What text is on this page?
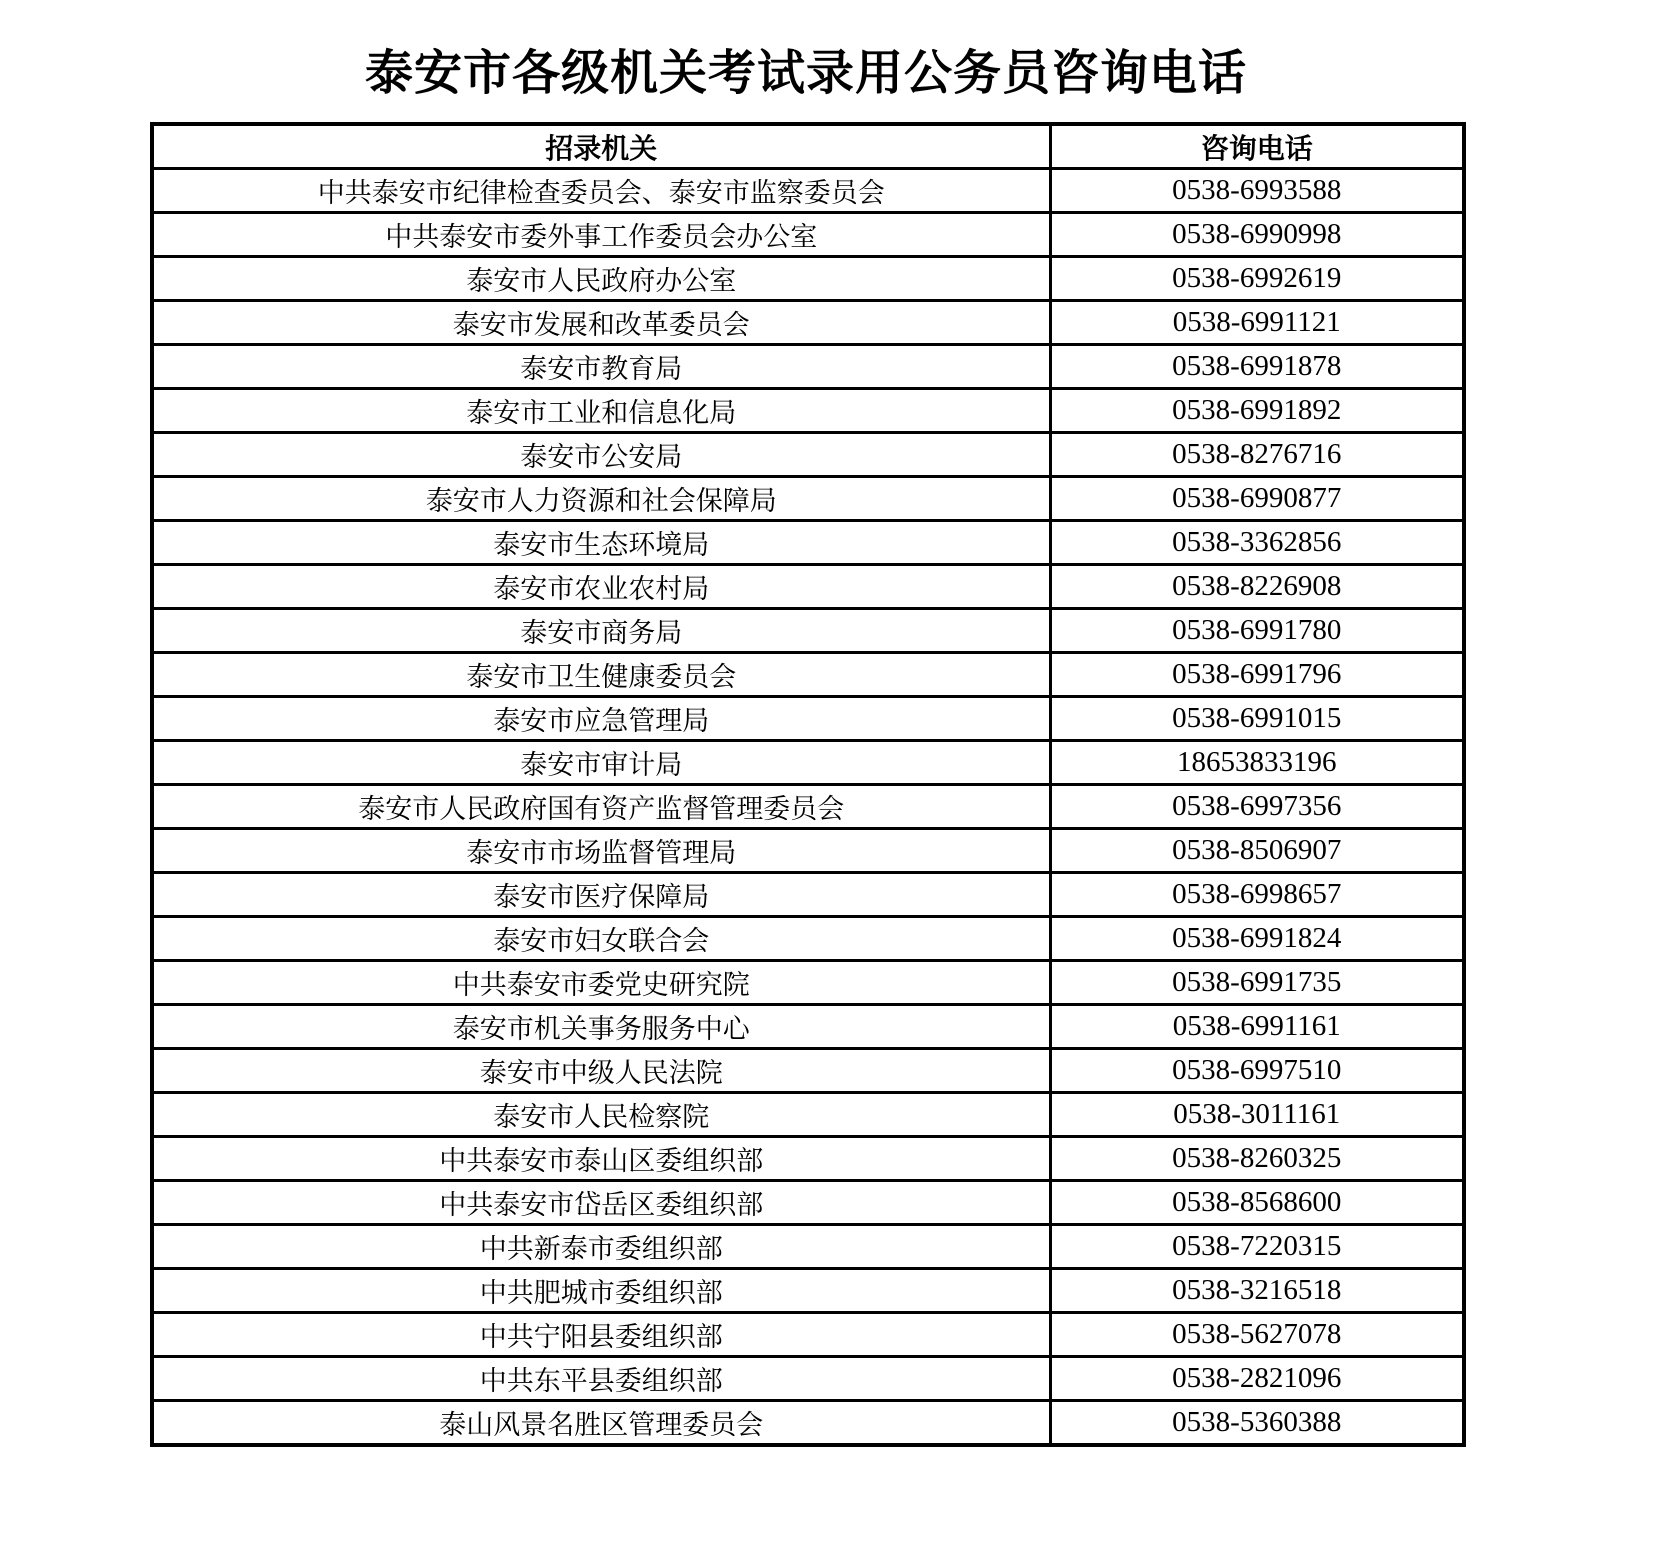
泰安市各级机关考试录用公务员咨询电话
招录机关	咨询电话
中共泰安市纪律检查委员会、泰安市监察委员会	0538-6993588
中共泰安市委外事工作委员会办公室	0538-6990998
泰安市人民政府办公室	0538-6992619
泰安市发展和改革委员会	0538-6991121
泰安市教育局	0538-6991878
泰安市工业和信息化局	0538-6991892
泰安市公安局	0538-8276716
泰安市人力资源和社会保障局	0538-6990877
泰安市生态环境局	0538-3362856
泰安市农业农村局	0538-8226908
泰安市商务局	0538-6991780
泰安市卫生健康委员会	0538-6991796
泰安市应急管理局	0538-6991015
泰安市审计局	18653833196
泰安市人民政府国有资产监督管理委员会	0538-6997356
泰安市市场监督管理局	0538-8506907
泰安市医疗保障局	0538-6998657
泰安市妇女联合会	0538-6991824
中共泰安市委党史研究院	0538-6991735
泰安市机关事务服务中心	0538-6991161
泰安市中级人民法院	0538-6997510
泰安市人民检察院	0538-3011161
中共泰安市泰山区委组织部	0538-8260325
中共泰安市岱岳区委组织部	0538-8568600
中共新泰市委组织部	0538-7220315
中共肥城市委组织部	0538-3216518
中共宁阳县委组织部	0538-5627078
中共东平县委组织部	0538-2821096
泰山风景名胜区管理委员会	0538-5360388
